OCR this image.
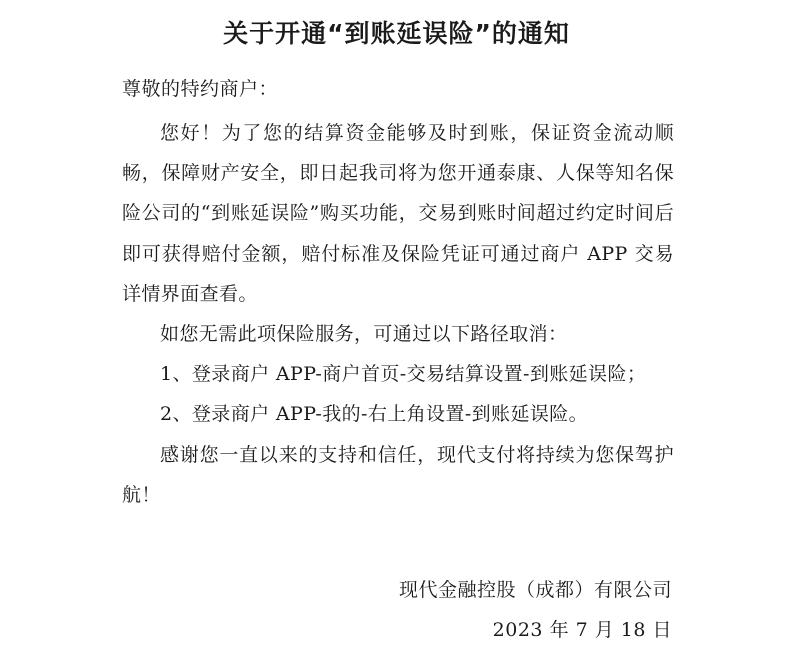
关于开通“到账延误险”的通知
尊敬的特约商户：

您好！为了您的结算资金能够及时到账，保证资金流动顺畅，保障财产安全，即日起我司将为您开通泰康、人保等知名保险公司的“到账延误险”购买功能，交易到账时间超过约定时间后即可获得赔付金额，赔付标准及保险凭证可通过商户 APP 交易详情界面查看。

如您无需此项保险服务，可通过以下路径取消：

1、登录商户 APP-商户首页-交易结算设置-到账延误险；

2、登录商户 APP-我的-右上角设置-到账延误险。

感谢您一直以来的支持和信任，现代支付将持续为您保驾护航！

现代金融控股（成都）有限公司
2023 年 7 月 18 日
